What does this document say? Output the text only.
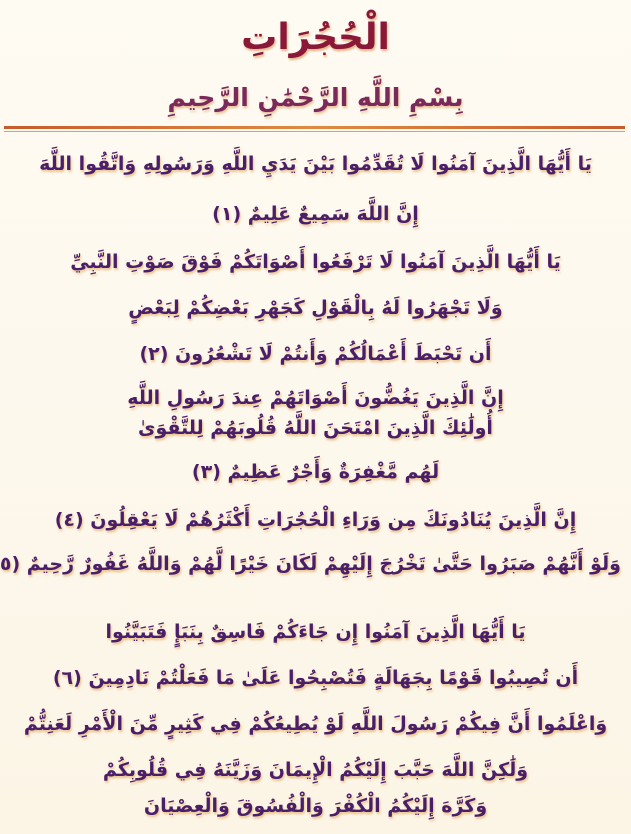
الْحُجُرَاتِ
بِسْمِ اللَّهِ الرَّحْمَٰنِ الرَّحِيمِ
يَا أَيُّهَا الَّذِينَ آمَنُوا لَا تُقَدِّمُوا بَيْنَ يَدَيِ اللَّهِ وَرَسُولِهِ وَاتَّقُوا اللَّهَ
إِنَّ اللَّهَ سَمِيعٌ عَلِيمٌ (١)
يَا أَيُّهَا الَّذِينَ آمَنُوا لَا تَرْفَعُوا أَصْوَاتَكُمْ فَوْقَ صَوْتِ النَّبِيِّ
وَلَا تَجْهَرُوا لَهُ بِالْقَوْلِ كَجَهْرِ بَعْضِكُمْ لِبَعْضٍ
أَن تَحْبَطَ أَعْمَالُكُمْ وَأَنتُمْ لَا تَشْعُرُونَ (٢)
إِنَّ الَّذِينَ يَغُضُّونَ أَصْوَاتَهُمْ عِندَ رَسُولِ اللَّهِ
أُولَٰئِكَ الَّذِينَ امْتَحَنَ اللَّهُ قُلُوبَهُمْ لِلتَّقْوَىٰ
لَهُم مَّغْفِرَةٌ وَأَجْرٌ عَظِيمٌ (٣)
إِنَّ الَّذِينَ يُنَادُونَكَ مِن وَرَاءِ الْحُجُرَاتِ أَكْثَرُهُمْ لَا يَعْقِلُونَ (٤)
وَلَوْ أَنَّهُمْ صَبَرُوا حَتَّىٰ تَخْرُجَ إِلَيْهِمْ لَكَانَ خَيْرًا لَّهُمْ وَاللَّهُ غَفُورٌ رَّحِيمٌ (٥
يَا أَيُّهَا الَّذِينَ آمَنُوا إِن جَاءَكُمْ فَاسِقٌ بِنَبَإٍ فَتَبَيَّنُوا
أَن تُصِيبُوا قَوْمًا بِجَهَالَةٍ فَتُصْبِحُوا عَلَىٰ مَا فَعَلْتُمْ نَادِمِينَ (٦)
وَاعْلَمُوا أَنَّ فِيكُمْ رَسُولَ اللَّهِ لَوْ يُطِيعُكُمْ فِي كَثِيرٍ مِّنَ الْأَمْرِ لَعَنِتُّمْ
وَلَٰكِنَّ اللَّهَ حَبَّبَ إِلَيْكُمُ الْإِيمَانَ وَزَيَّنَهُ فِي قُلُوبِكُمْ
وَكَرَّهَ إِلَيْكُمُ الْكُفْرَ وَالْفُسُوقَ وَالْعِصْيَانَ
